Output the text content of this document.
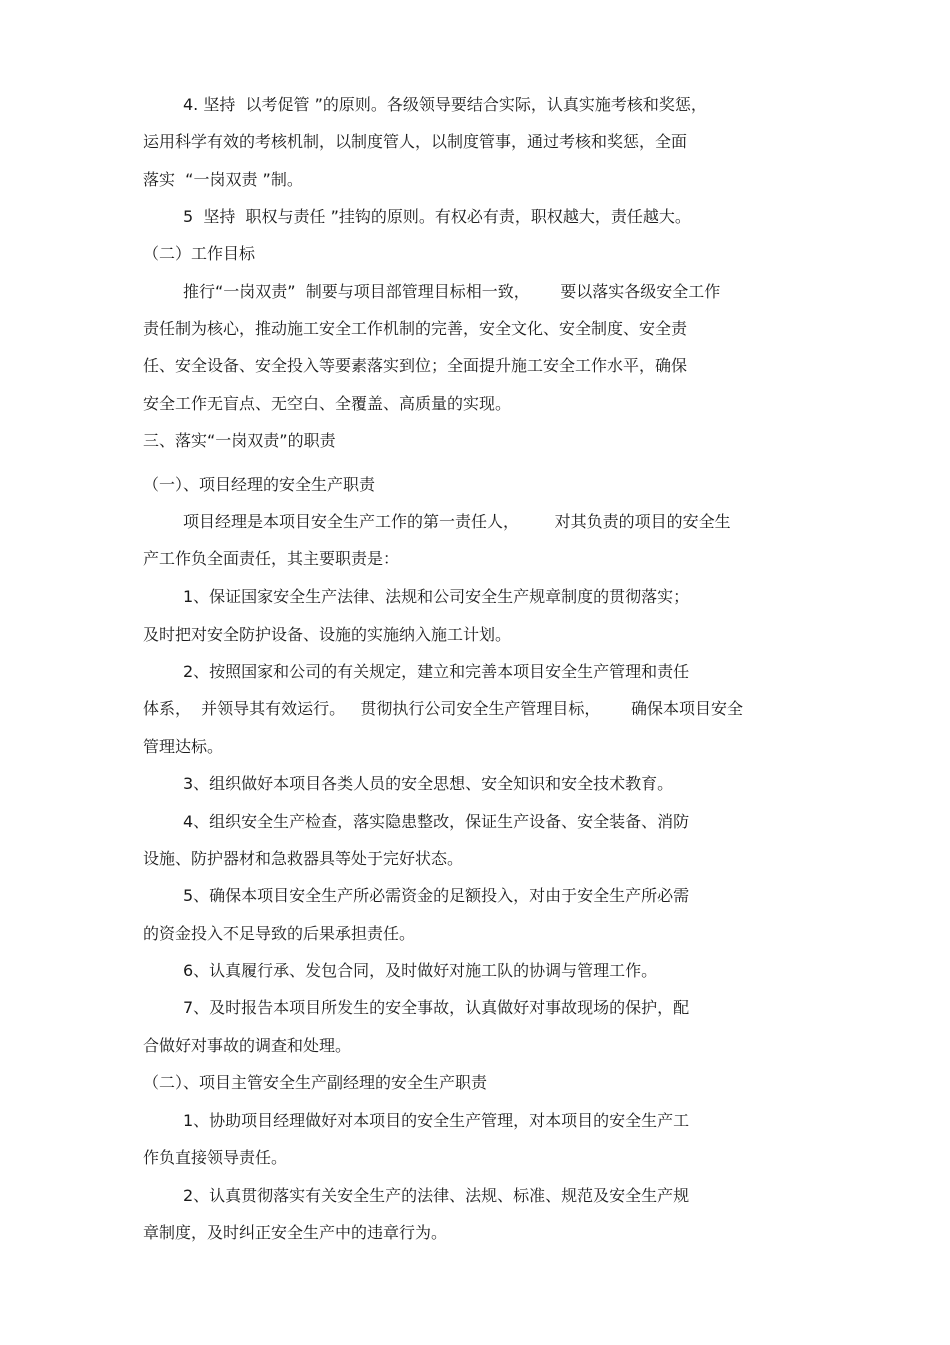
4. 坚持  以考促管 ”的原则。各级领导要结合实际，认真实施考核和奖惩，
运用科学有效的考核机制，以制度管人，以制度管事，通过考核和奖惩，全面
落实  “一岗双责 ”制。
5  坚持  职权与责任 ”挂钩的原则。有权必有责，职权越大，责任越大。
（二）工作目标
推行“一岗双责”  制要与项目部管理目标相一致，      要以落实各级安全工作
责任制为核心，推动施工安全工作机制的完善，安全文化、安全制度、安全责
任、安全设备、安全投入等要素落实到位；全面提升施工安全工作水平，确保
安全工作无盲点、无空白、全覆盖、高质量的实现。
三、落实“一岗双责”的职责
（一）、项目经理的安全生产职责
项目经理是本项目安全生产工作的第一责任人，       对其负责的项目的安全生
产工作负全面责任，其主要职责是：
1、保证国家安全生产法律、法规和公司安全生产规章制度的贯彻落实；
及时把对安全防护设备、设施的实施纳入施工计划。
2、按照国家和公司的有关规定，建立和完善本项目安全生产管理和责任
体系，  并领导其有效运行。   贯彻执行公司安全生产管理目标，      确保本项目安全
管理达标。
3、组织做好本项目各类人员的安全思想、安全知识和安全技术教育。
4、组织安全生产检查，落实隐患整改，保证生产设备、安全装备、消防
设施、防护器材和急救器具等处于完好状态。
5、确保本项目安全生产所必需资金的足额投入，对由于安全生产所必需
的资金投入不足导致的后果承担责任。
6、认真履行承、发包合同，及时做好对施工队的协调与管理工作。
7、及时报告本项目所发生的安全事故，认真做好对事故现场的保护，配
合做好对事故的调查和处理。
（二）、项目主管安全生产副经理的安全生产职责
1、协助项目经理做好对本项目的安全生产管理，对本项目的安全生产工
作负直接领导责任。
2、认真贯彻落实有关安全生产的法律、法规、标准、规范及安全生产规
章制度，及时纠正安全生产中的违章行为。
